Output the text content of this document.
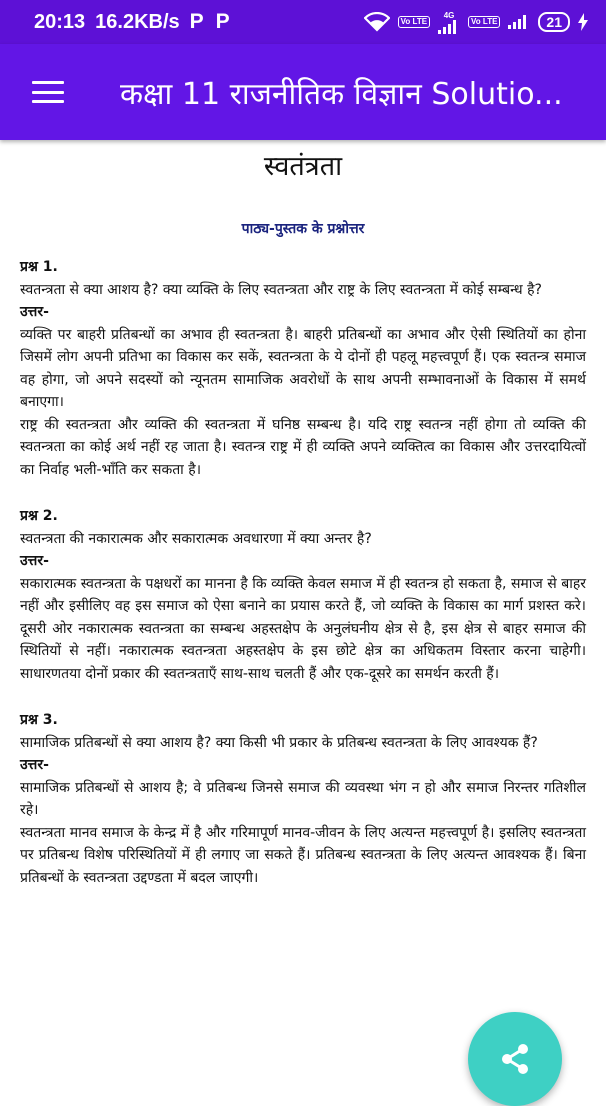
20:13 16.2KB/s P P	Vo LTE
4G
Vo LTE	21
कक्षा 11 राजनीतिक विज्ञान Solutio...
स्वतंत्रता
पाठ्य-पुस्तक के प्रश्नोत्तर
प्रश्न 1.
स्वतन्त्रता से क्या आशय है? क्या व्यक्ति के लिए स्वतन्त्रता और राष्ट्र के लिए स्वतन्त्रता में कोई सम्बन्ध है?
उत्तर-
व्यक्ति पर बाहरी प्रतिबन्धों का अभाव ही स्वतन्त्रता है। बाहरी प्रतिबन्धों का अभाव और ऐसी स्थितियों का होना जिसमें लोग अपनी प्रतिभा का विकास कर सकें, स्वतन्त्रता के ये दोनों ही पहलू महत्त्वपूर्ण हैं। एक स्वतन्त्र समाज वह होगा, जो अपने सदस्यों को न्यूनतम सामाजिक अवरोधों के साथ अपनी सम्भावनाओं के विकास में समर्थ बनाएगा।
राष्ट्र की स्वतन्त्रता और व्यक्ति की स्वतन्त्रता में घनिष्ठ सम्बन्ध है। यदि राष्ट्र स्वतन्त्र नहीं होगा तो व्यक्ति की स्वतन्त्रता का कोई अर्थ नहीं रह जाता है। स्वतन्त्र राष्ट्र में ही व्यक्ति अपने व्यक्तित्व का विकास और उत्तरदायित्वों का निर्वाह भली-भाँति कर सकता है।
प्रश्न 2.
स्वतन्त्रता की नकारात्मक और सकारात्मक अवधारणा में क्या अन्तर है?
उत्तर-
सकारात्मक स्वतन्त्रता के पक्षधरों का मानना है कि व्यक्ति केवल समाज में ही स्वतन्त्र हो सकता है, समाज से बाहर नहीं और इसीलिए वह इस समाज को ऐसा बनाने का प्रयास करते हैं, जो व्यक्ति के विकास का मार्ग प्रशस्त करे। दूसरी ओर नकारात्मक स्वतन्त्रता का सम्बन्ध अहस्तक्षेप के अनुलंघनीय क्षेत्र से है, इस क्षेत्र से बाहर समाज की स्थितियों से नहीं। नकारात्मक स्वतन्त्रता अहस्तक्षेप के इस छोटे क्षेत्र का अधिकतम विस्तार करना चाहेगी। साधारणतया दोनों प्रकार की स्वतन्त्रताएँ साथ-साथ चलती हैं और एक-दूसरे का समर्थन करती हैं।
प्रश्न 3.
सामाजिक प्रतिबन्धों से क्या आशय है? क्या किसी भी प्रकार के प्रतिबन्ध स्वतन्त्रता के लिए आवश्यक हैं?
उत्तर-
सामाजिक प्रतिबन्धों से आशय है; वे प्रतिबन्ध जिनसे समाज की व्यवस्था भंग न हो और समाज निरन्तर गतिशील रहे।
स्वतन्त्रता मानव समाज के केन्द्र में है और गरिमापूर्ण मानव-जीवन के लिए अत्यन्त महत्त्वपूर्ण है। इसलिए स्वतन्त्रता पर प्रतिबन्ध विशेष परिस्थितियों में ही लगाए जा सकते हैं। प्रतिबन्ध स्वतन्त्रता के लिए अत्यन्त आवश्यक हैं। बिना प्रतिबन्धों के स्वतन्त्रता उद्दण्डता में बदल जाएगी।
